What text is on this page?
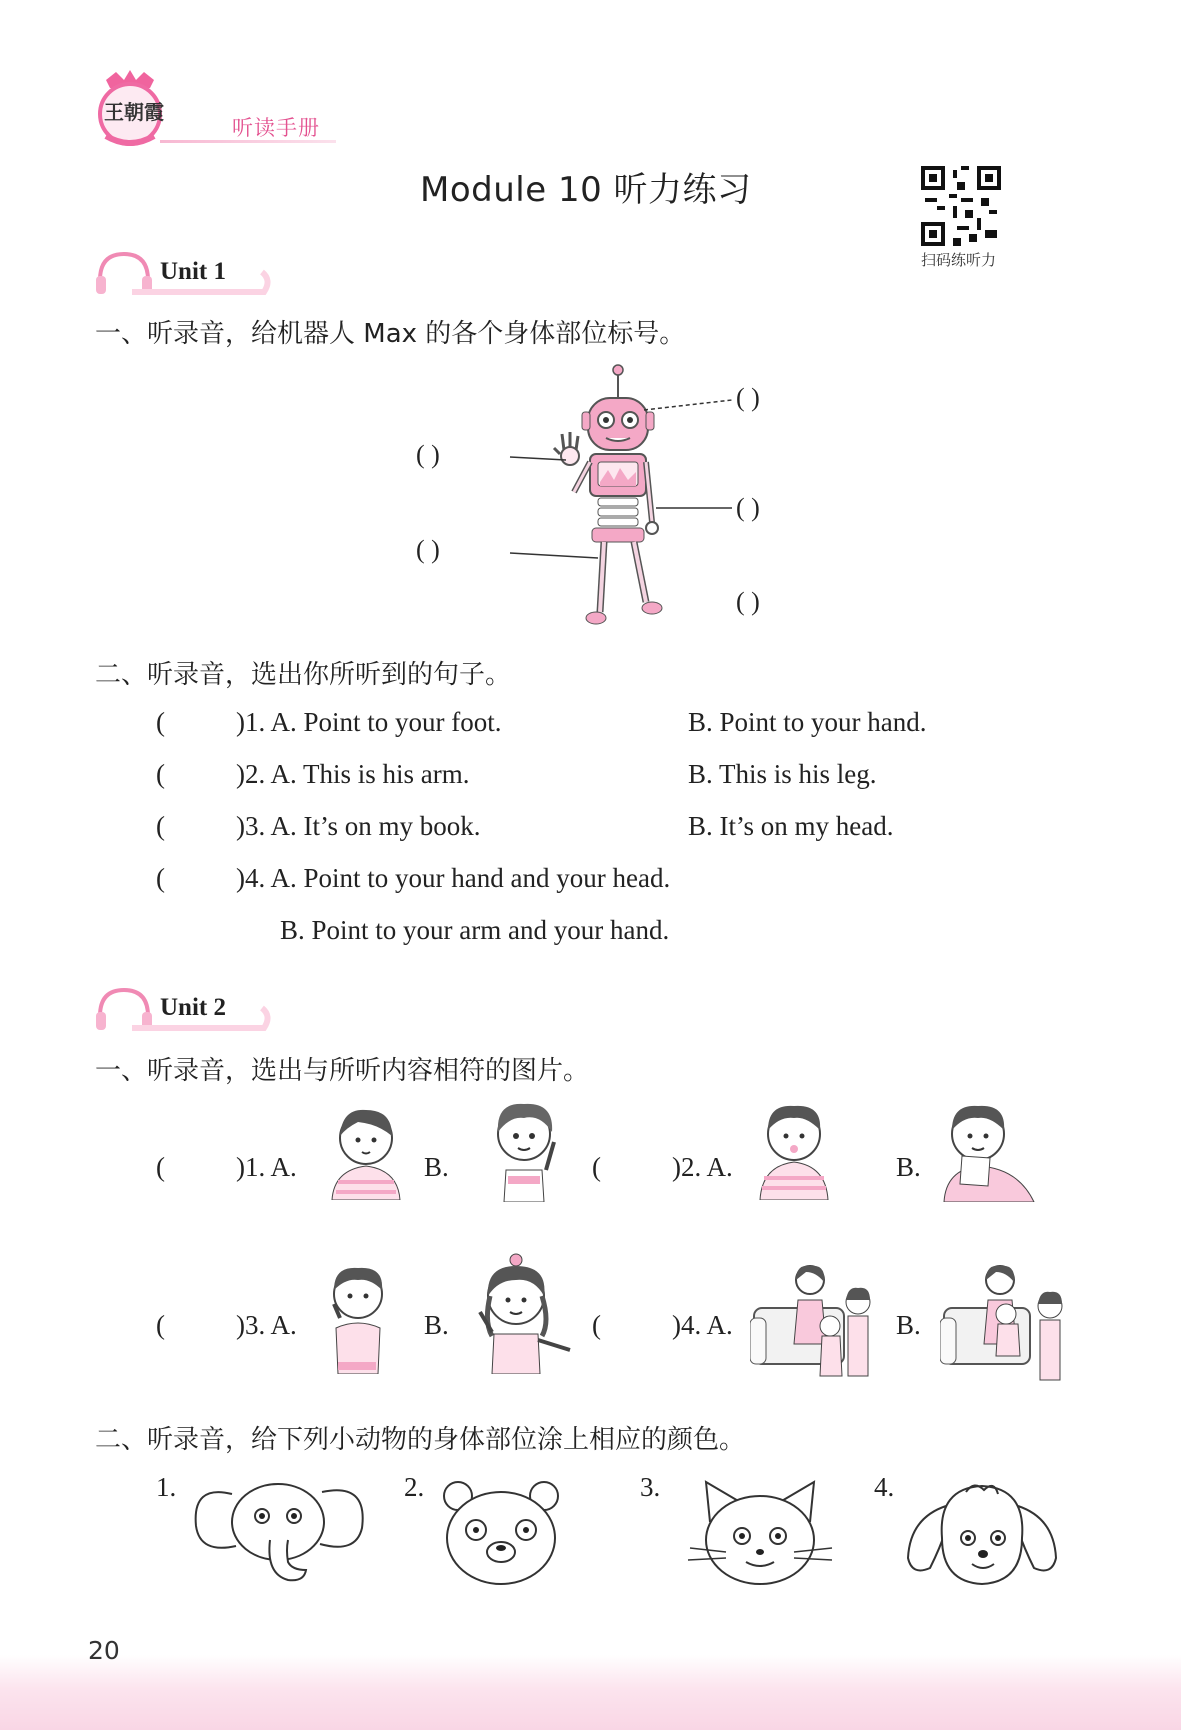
王朝霞
听读手册
Module 10 听力练习
扫码练听力
Unit 1
一、听录音，给机器人 Max 的各个身体部位标号。
( )
( )
( )
( )
( )
二、听录音，选出你所听到的句子。
(	)1. A. Point to your foot.	B. Point to your hand.
(	)2. A. This is his arm.	B. This is his leg.
(	)3. A. It’s on my book.	B. It’s on my head.
(	)4. A. Point to your hand and your head.
B. Point to your arm and your hand.
Unit 2
一、听录音，选出与所听内容相符的图片。
(	)1. A.	B.	(	)2. A.	B.
(	)3. A.	B.	(	)4. A.	B.
二、听录音，给下列小动物的身体部位涂上相应的颜色。
1.	2.	3.	4.
20
